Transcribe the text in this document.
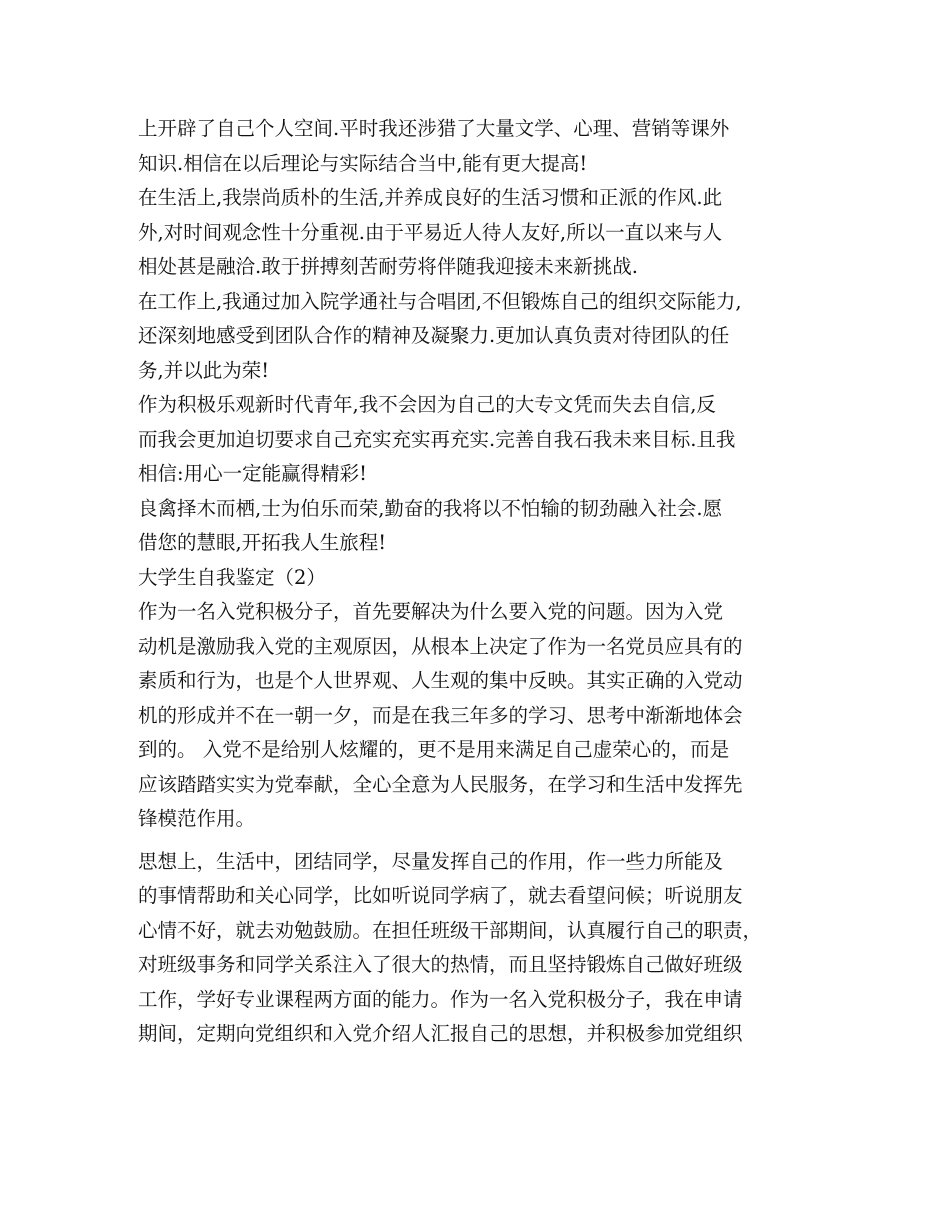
上开辟了自己个人空间.平时我还涉猎了大量文学、心理、营销等课外
知识.相信在以后理论与实际结合当中,能有更大提高!
在生活上,我崇尚质朴的生活,并养成良好的生活习惯和正派的作风.此
外,对时间观念性十分重视.由于平易近人待人友好,所以一直以来与人
相处甚是融洽.敢于拼搏刻苦耐劳将伴随我迎接未来新挑战.
在工作上,我通过加入院学通社与合唱团,不但锻炼自己的组织交际能力,
还深刻地感受到团队合作的精神及凝聚力.更加认真负责对待团队的任
务,并以此为荣!
作为积极乐观新时代青年,我不会因为自己的大专文凭而失去自信,反
而我会更加迫切要求自己充实充实再充实.完善自我石我未来目标.且我
相信:用心一定能赢得精彩!
良禽择木而栖,士为伯乐而荣,勤奋的我将以不怕输的韧劲融入社会.愿
借您的慧眼,开拓我人生旅程!
大学生自我鉴定（2）
作为一名入党积极分子，首先要解决为什么要入党的问题。因为入党
动机是激励我入党的主观原因，从根本上决定了作为一名党员应具有的
素质和行为，也是个人世界观、人生观的集中反映。其实正确的入党动
机的形成并不在一朝一夕，而是在我三年多的学习、思考中渐渐地体会
到的。 入党不是给别人炫耀的，更不是用来满足自己虚荣心的，而是
应该踏踏实实为党奉献，全心全意为人民服务，在学习和生活中发挥先
锋模范作用。
思想上，生活中，团结同学，尽量发挥自己的作用，作一些力所能及
的事情帮助和关心同学，比如听说同学病了，就去看望问候；听说朋友
心情不好，就去劝勉鼓励。在担任班级干部期间，认真履行自己的职责，
对班级事务和同学关系注入了很大的热情，而且坚持锻炼自己做好班级
工作，学好专业课程两方面的能力。作为一名入党积极分子，我在申请
期间，定期向党组织和入党介绍人汇报自己的思想，并积极参加党组织
